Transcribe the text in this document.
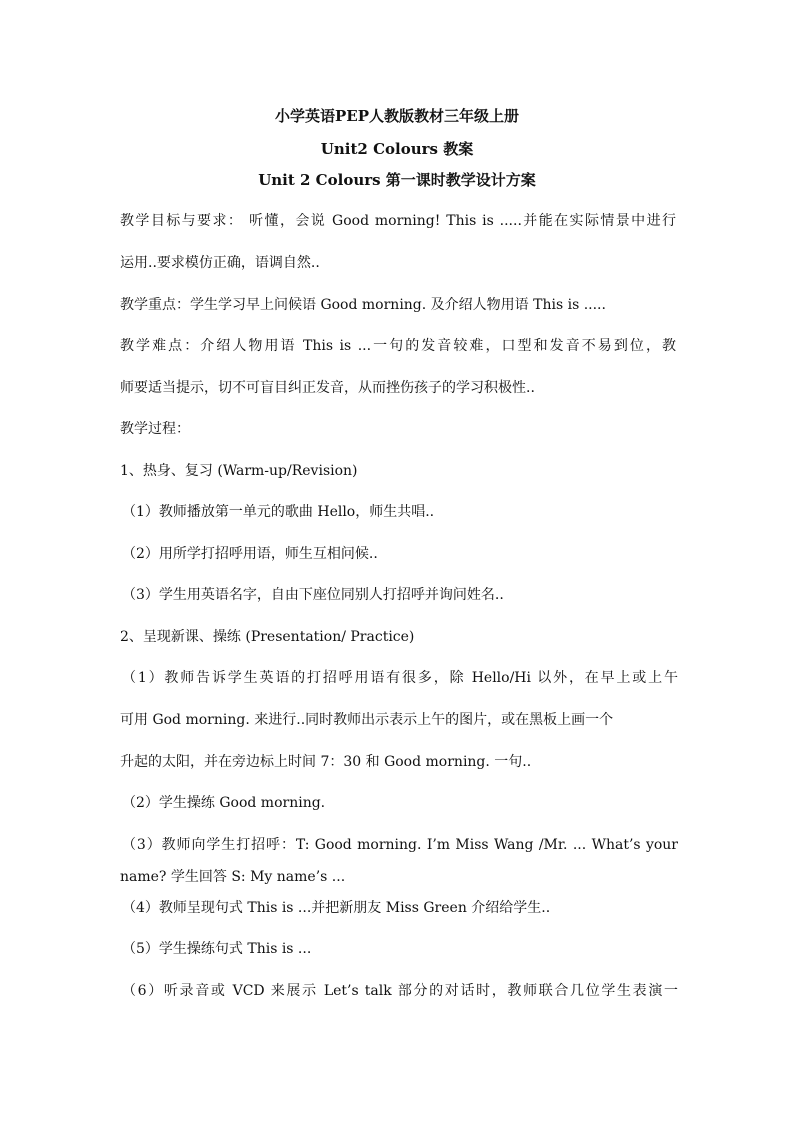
小学英语PEP人教版教材三年级上册
Unit2 Colours 教案
Unit 2 Colours 第一课时教学设计方案
教学目标与要求： 听懂，会说 Good morning! This is .....并能在实际情景中进行
运用..要求模仿正确，语调自然..
教学重点：学生学习早上问候语 Good morning. 及介绍人物用语 This is .....
教学难点：介绍人物用语 This is ...一句的发音较难，口型和发音不易到位，教
师要适当提示，切不可盲目纠正发音，从而挫伤孩子的学习积极性..
教学过程：
1、热身、复习 (Warm-up/Revision)
（1）教师播放第一单元的歌曲 Hello，师生共唱..
（2）用所学打招呼用语，师生互相问候..
（3）学生用英语名字，自由下座位同别人打招呼并询问姓名..
2、呈现新课、操练 (Presentation/ Practice)
（1）教师告诉学生英语的打招呼用语有很多，除 Hello/Hi 以外，在早上或上午
可用 God morning. 来进行..同时教师出示表示上午的图片，或在黑板上画一个
升起的太阳，并在旁边标上时间 7：30 和 Good morning. 一句..
（2）学生操练 Good morning.
（3）教师向学生打招呼：T: Good morning. I’m Miss Wang /Mr. ... What’s your
name? 学生回答 S: My name’s ...
（4）教师呈现句式 This is ...并把新朋友 Miss Green 介绍给学生..
（5）学生操练句式 This is ...
（6）听录音或 VCD 来展示 Let’s talk 部分的对话时，教师联合几位学生表演一
